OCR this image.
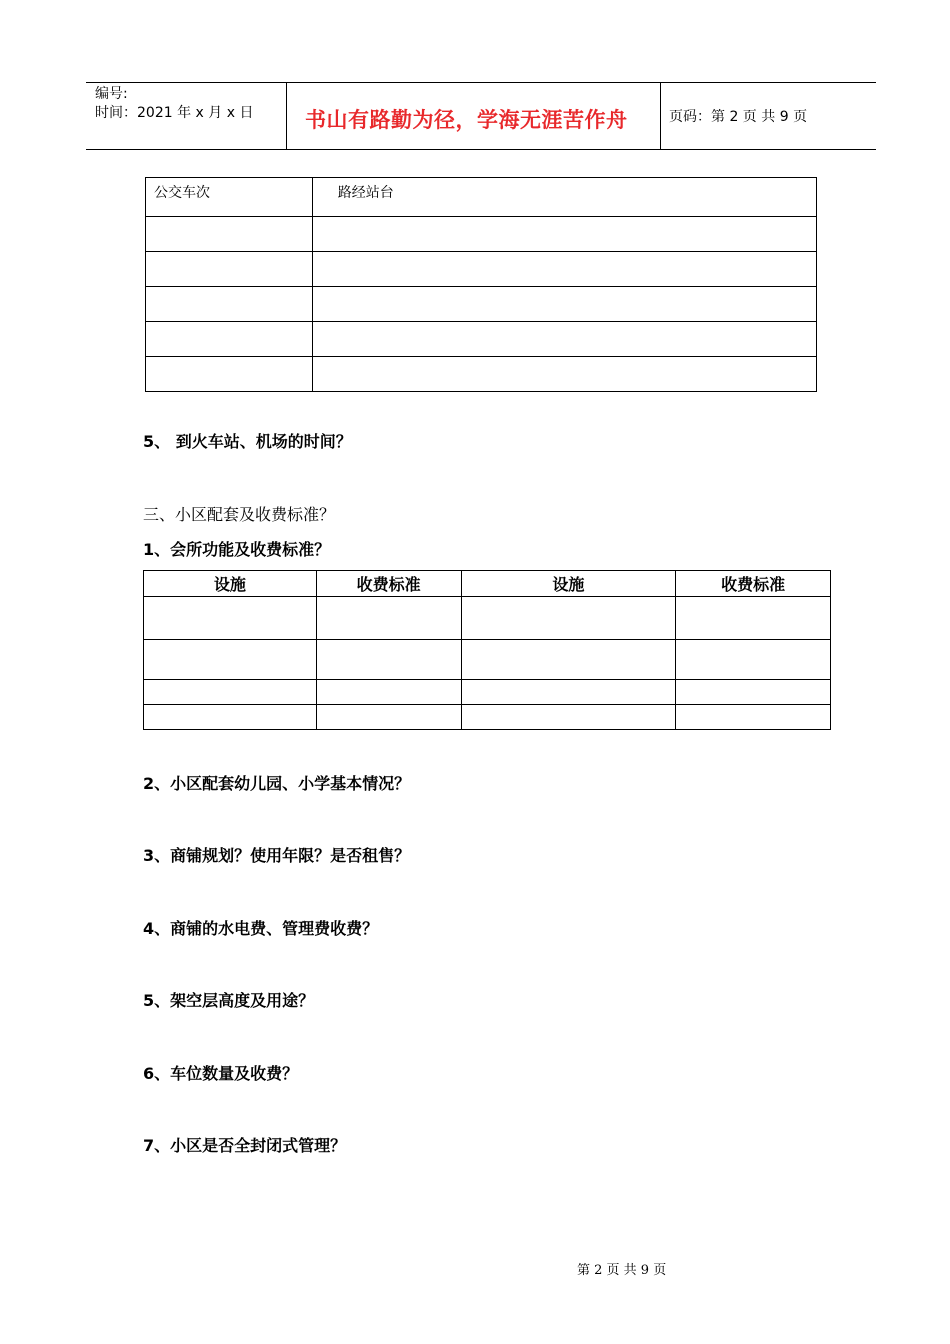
编号:
时间：2021 年 x 月 x 日 书山有路勤为径，学海无涯苦作舟	页码：第 2 页 共 9 页
公交车次	路经站台

5、 到火车站、机场的时间？
三、小区配套及收费标准？
1、会所功能及收费标准？
设施	收费标准	设施	收费标准

2、小区配套幼儿园、小学基本情况？
3、商铺规划？使用年限？是否租售？
4、商铺的水电费、管理费收费？
5、架空层高度及用途？
6、车位数量及收费？
7、小区是否全封闭式管理？
第 2 页 共 9 页
